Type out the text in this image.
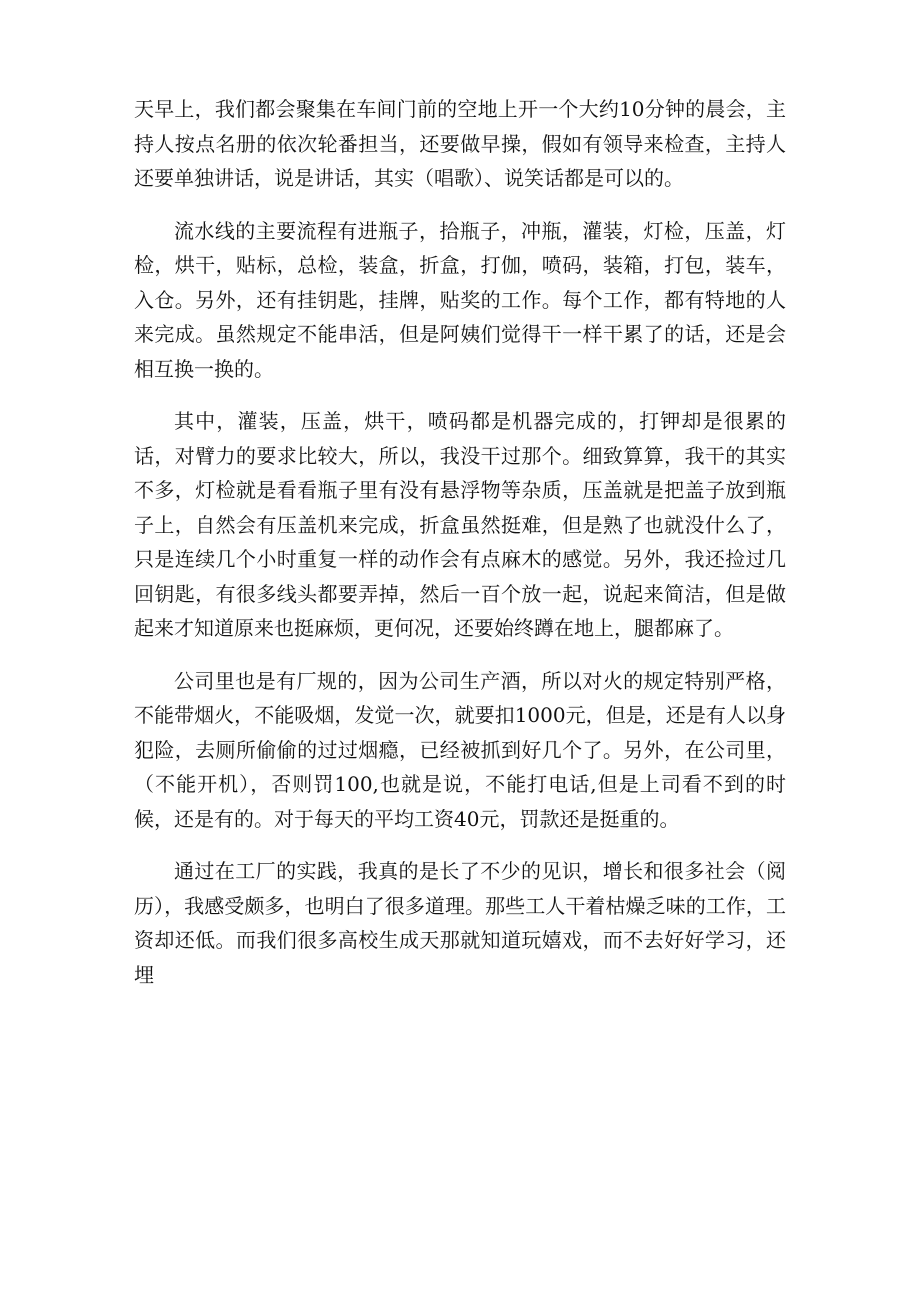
天早上，我们都会聚集在车间门前的空地上开一个大约10分钟的晨会，主持人按点名册的依次轮番担当，还要做早操，假如有领导来检查，主持人还要单独讲话，说是讲话，其实（唱歌）、说笑话都是可以的。

流水线的主要流程有进瓶子，拾瓶子，冲瓶，灌装，灯检，压盖，灯检，烘干，贴标，总检，装盒，折盒，打伽，喷码，装箱，打包，装车，入仓。另外，还有挂钥匙，挂牌，贴奖的工作。每个工作，都有特地的人来完成。虽然规定不能串活，但是阿姨们觉得干一样干累了的话，还是会相互换一换的。

其中，灌装，压盖，烘干，喷码都是机器完成的，打钾却是很累的话，对臂力的要求比较大，所以，我没干过那个。细致算算，我干的其实不多，灯检就是看看瓶子里有没有悬浮物等杂质，压盖就是把盖子放到瓶子上，自然会有压盖机来完成，折盒虽然挺难，但是熟了也就没什么了，只是连续几个小时重复一样的动作会有点麻木的感觉。另外，我还捡过几回钥匙，有很多线头都要弄掉，然后一百个放一起，说起来简洁，但是做起来才知道原来也挺麻烦，更何况，还要始终蹲在地上，腿都麻了。

公司里也是有厂规的，因为公司生产酒，所以对火的规定特别严格，不能带烟火，不能吸烟，发觉一次，就要扣1000元，但是，还是有人以身犯险，去厕所偷偷的过过烟瘾，已经被抓到好几个了。另外，在公司里，（不能开机），否则罚100,也就是说，不能打电话,但是上司看不到的时候，还是有的。对于每天的平均工资40元，罚款还是挺重的。

通过在工厂的实践，我真的是长了不少的见识，增长和很多社会（阅历），我感受颇多，也明白了很多道理。那些工人干着枯燥乏味的工作，工资却还低。而我们很多高校生成天那就知道玩嬉戏，而不去好好学习，还埋
